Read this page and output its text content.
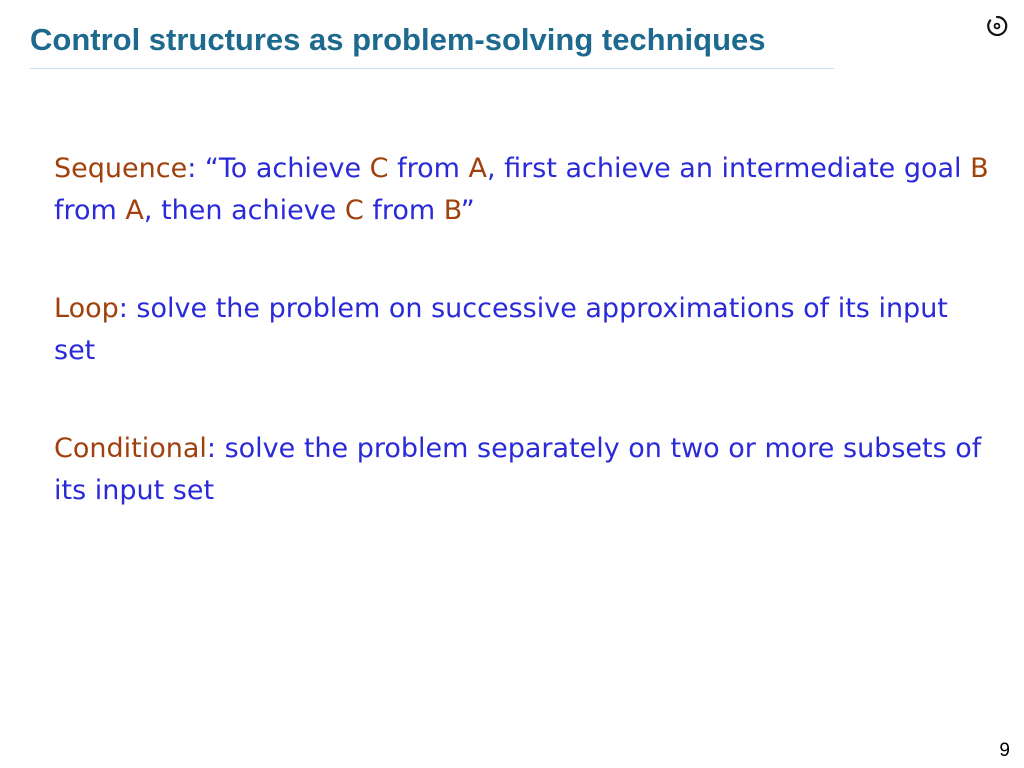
Control structures as problem-solving techniques

Sequence: “To achieve C from A, first achieve an intermediate goal B from A, then achieve C from B”

Loop: solve the problem on successive approximations of its input set

Conditional: solve the problem separately on two or more subsets of its input set

9
